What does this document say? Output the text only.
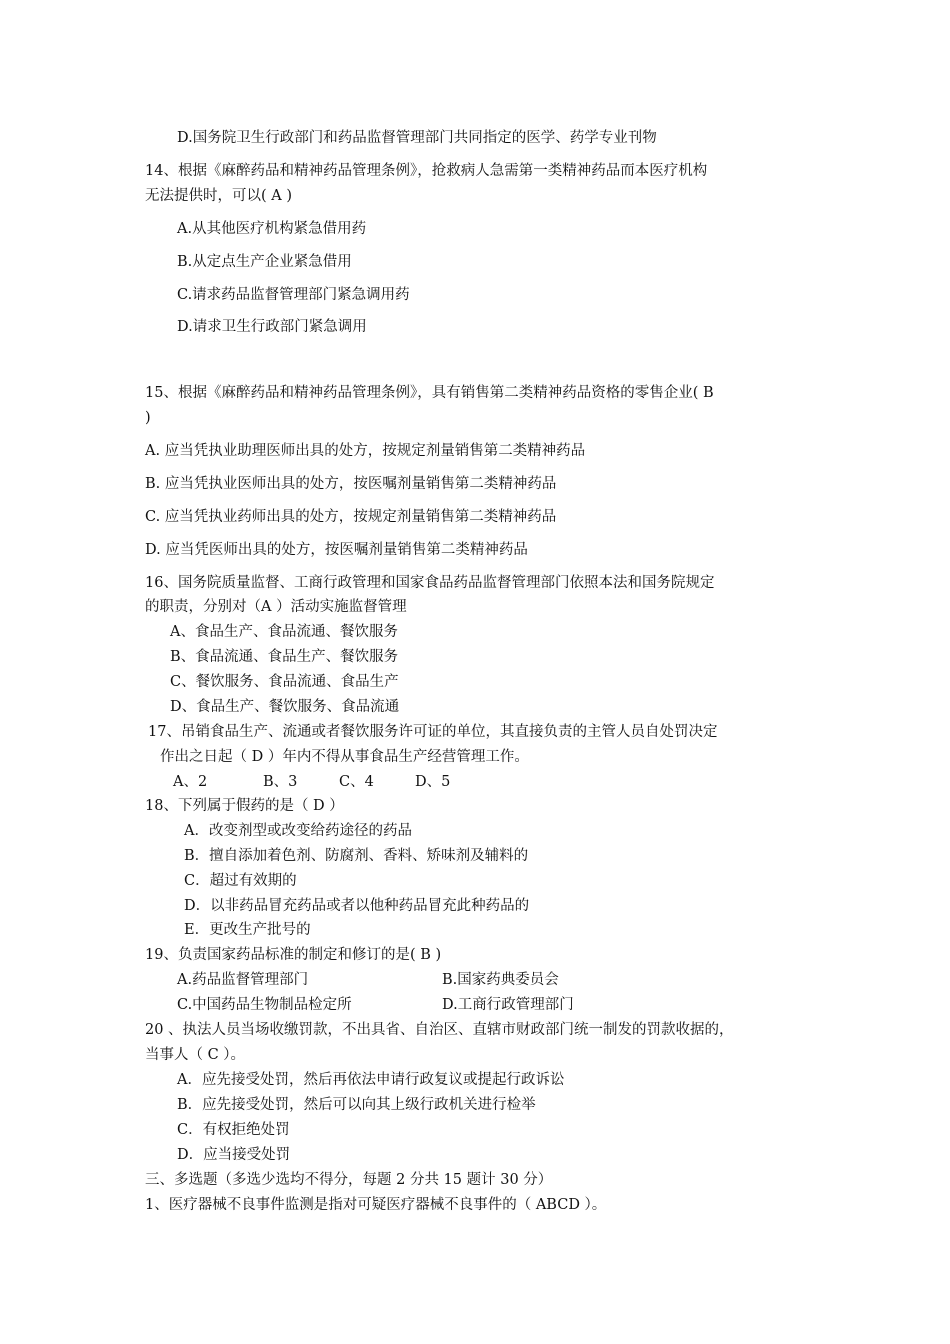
D.国务院卫生行政部门和药品监督管理部门共同指定的医学、药学专业刊物
14、根据《麻醉药品和精神药品管理条例》，抢救病人急需第一类精神药品而本医疗机构
无法提供时，可以( A )
A.从其他医疗机构紧急借用药
B.从定点生产企业紧急借用
C.请求药品监督管理部门紧急调用药
D.请求卫生行政部门紧急调用
15、根据《麻醉药品和精神药品管理条例》，具有销售第二类精神药品资格的零售企业( B
)
A. 应当凭执业助理医师出具的处方，按规定剂量销售第二类精神药品
B. 应当凭执业医师出具的处方，按医嘱剂量销售第二类精神药品
C. 应当凭执业药师出具的处方，按规定剂量销售第二类精神药品
D. 应当凭医师出具的处方，按医嘱剂量销售第二类精神药品
16、国务院质量监督、工商行政管理和国家食品药品监督管理部门依照本法和国务院规定
的职责，分别对（A ）活动实施监督管理
A、食品生产、食品流通、餐饮服务
B、食品流通、食品生产、餐饮服务
C、餐饮服务、食品流通、食品生产
D、食品生产、餐饮服务、食品流通
17、吊销食品生产、流通或者餐饮服务许可证的单位，其直接负责的主管人员自处罚决定
作出之日起（ D ）年内不得从事食品生产经营管理工作。
A、2	B、3	C、4	D、5
18、下列属于假药的是（ D ）
A．改变剂型或改变给药途径的药品
B．擅自添加着色剂、防腐剂、香料、矫味剂及辅料的
C．超过有效期的
D．以非药品冒充药品或者以他种药品冒充此种药品的
E．更改生产批号的
19、负责国家药品标准的制定和修订的是( B )
A.药品监督管理部门	B.国家药典委员会
C.中国药品生物制品检定所	D.工商行政管理部门
20 、执法人员当场收缴罚款，不出具省、自治区、直辖市财政部门统一制发的罚款收据的，
当事人（ C ）。
A．应先接受处罚，然后再依法申请行政复议或提起行政诉讼
B．应先接受处罚，然后可以向其上级行政机关进行检举
C．有权拒绝处罚
D．应当接受处罚
三、多选题（多选少选均不得分，每题 2 分共 15 题计 30 分）
1、医疗器械不良事件监测是指对可疑医疗器械不良事件的（ ABCD ）。
